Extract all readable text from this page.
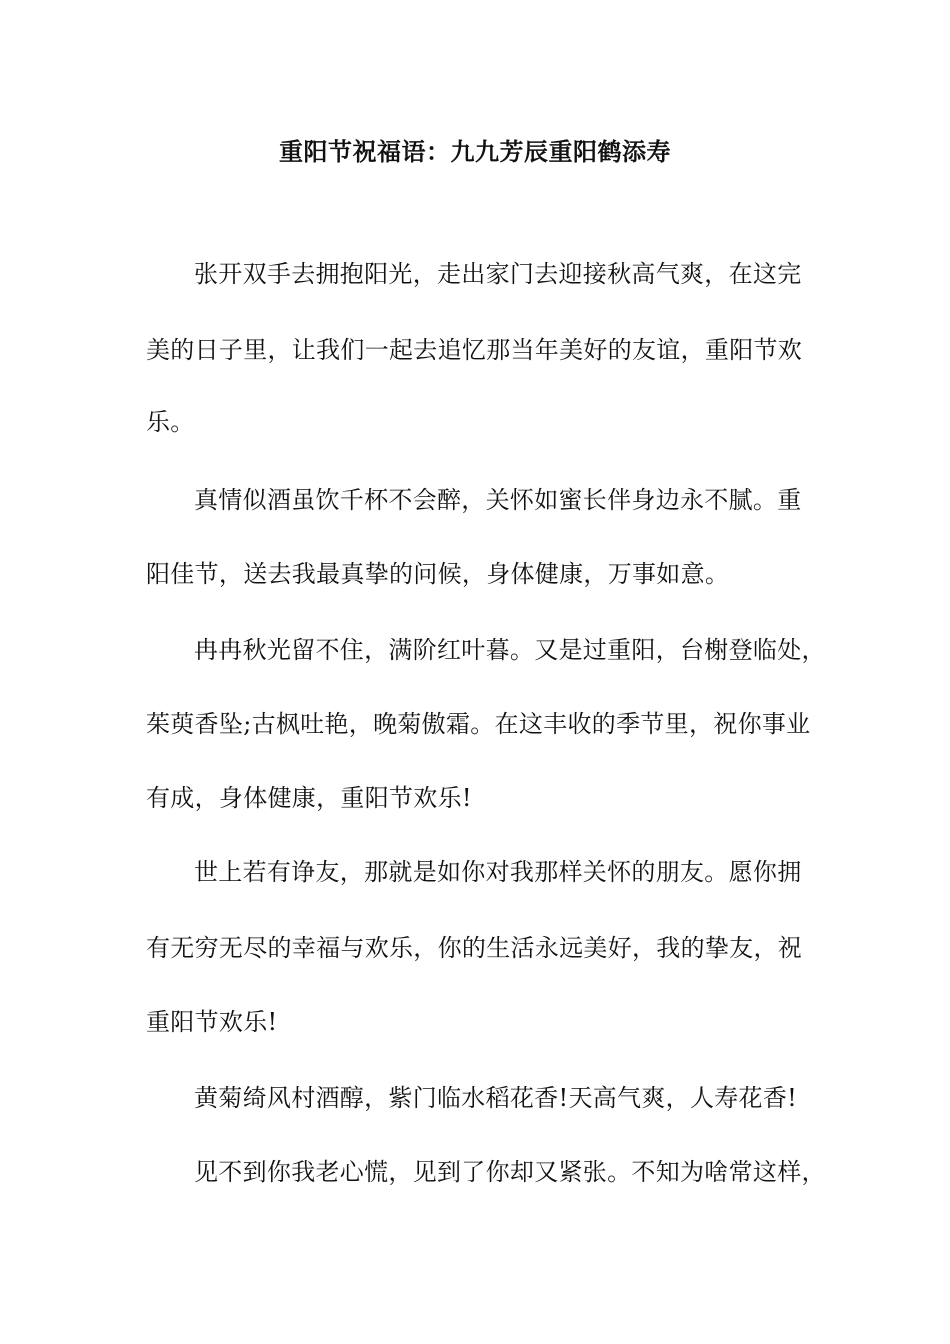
重阳节祝福语：九九芳辰重阳鹤添寿
张开双手去拥抱阳光，走出家门去迎接秋高气爽，在这完
美的日子里，让我们一起去追忆那当年美好的友谊，重阳节欢
乐。
真情似酒虽饮千杯不会醉，关怀如蜜长伴身边永不腻。重
阳佳节，送去我最真挚的问候，身体健康，万事如意。
冉冉秋光留不住，满阶红叶暮。又是过重阳，台榭登临处，
茱萸香坠;古枫吐艳，晚菊傲霜。在这丰收的季节里，祝你事业
有成，身体健康，重阳节欢乐!
世上若有诤友，那就是如你对我那样关怀的朋友。愿你拥
有无穷无尽的幸福与欢乐，你的生活永远美好，我的挚友，祝
重阳节欢乐!
黄菊绮风村酒醇，紫门临水稻花香!天高气爽，人寿花香!
见不到你我老心慌，见到了你却又紧张。不知为啥常这样，
